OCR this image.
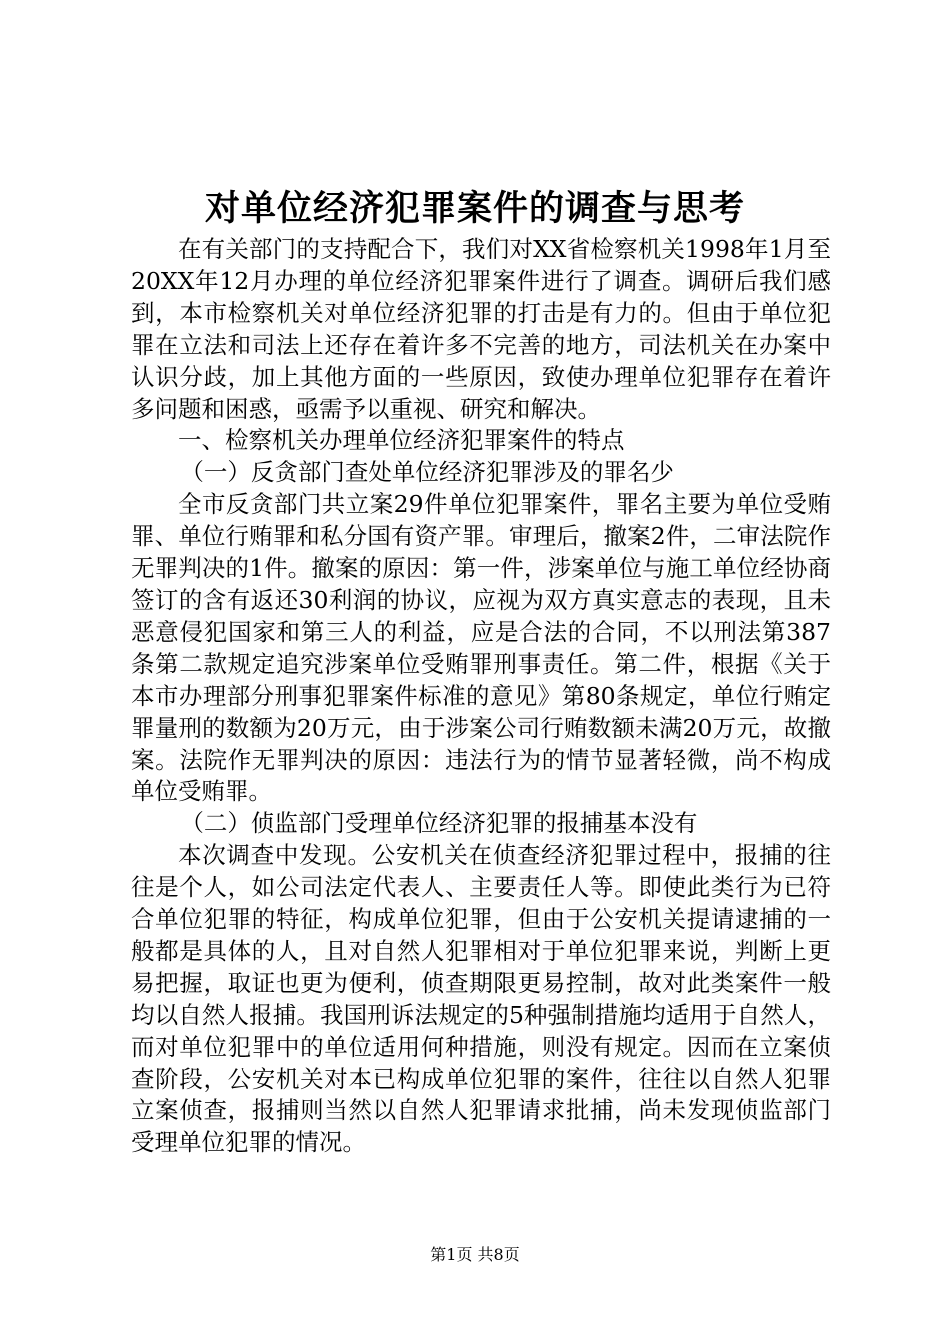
对单位经济犯罪案件的调查与思考

在有关部门的支持配合下，我们对XX省检察机关1998年1月至20XX年12月办理的单位经济犯罪案件进行了调查。调研后我们感到，本市检察机关对单位经济犯罪的打击是有力的。但由于单位犯罪在立法和司法上还存在着许多不完善的地方，司法机关在办案中认识分歧，加上其他方面的一些原因，致使办理单位犯罪存在着许多问题和困惑，亟需予以重视、研究和解决。

一、检察机关办理单位经济犯罪案件的特点

（一）反贪部门查处单位经济犯罪涉及的罪名少

全市反贪部门共立案29件单位犯罪案件，罪名主要为单位受贿罪、单位行贿罪和私分国有资产罪。审理后，撤案2件，二审法院作无罪判决的1件。撤案的原因：第一件，涉案单位与施工单位经协商签订的含有返还30利润的协议，应视为双方真实意志的表现，且未恶意侵犯国家和第三人的利益，应是合法的合同，不以刑法第387条第二款规定追究涉案单位受贿罪刑事责任。第二件，根据《关于本市办理部分刑事犯罪案件标准的意见》第80条规定，单位行贿定罪量刑的数额为20万元，由于涉案公司行贿数额未满20万元，故撤案。法院作无罪判决的原因：违法行为的情节显著轻微，尚不构成单位受贿罪。

（二）侦监部门受理单位经济犯罪的报捕基本没有

本次调查中发现。公安机关在侦查经济犯罪过程中，报捕的往往是个人，如公司法定代表人、主要责任人等。即使此类行为已符合单位犯罪的特征，构成单位犯罪，但由于公安机关提请逮捕的一般都是具体的人，且对自然人犯罪相对于单位犯罪来说，判断上更易把握，取证也更为便利，侦查期限更易控制，故对此类案件一般均以自然人报捕。我国刑诉法规定的5种强制措施均适用于自然人，而对单位犯罪中的单位适用何种措施，则没有规定。因而在立案侦查阶段，公安机关对本已构成单位犯罪的案件，往往以自然人犯罪立案侦查，报捕则当然以自然人犯罪请求批捕，尚未发现侦监部门受理单位犯罪的情况。

第1页 共8页
